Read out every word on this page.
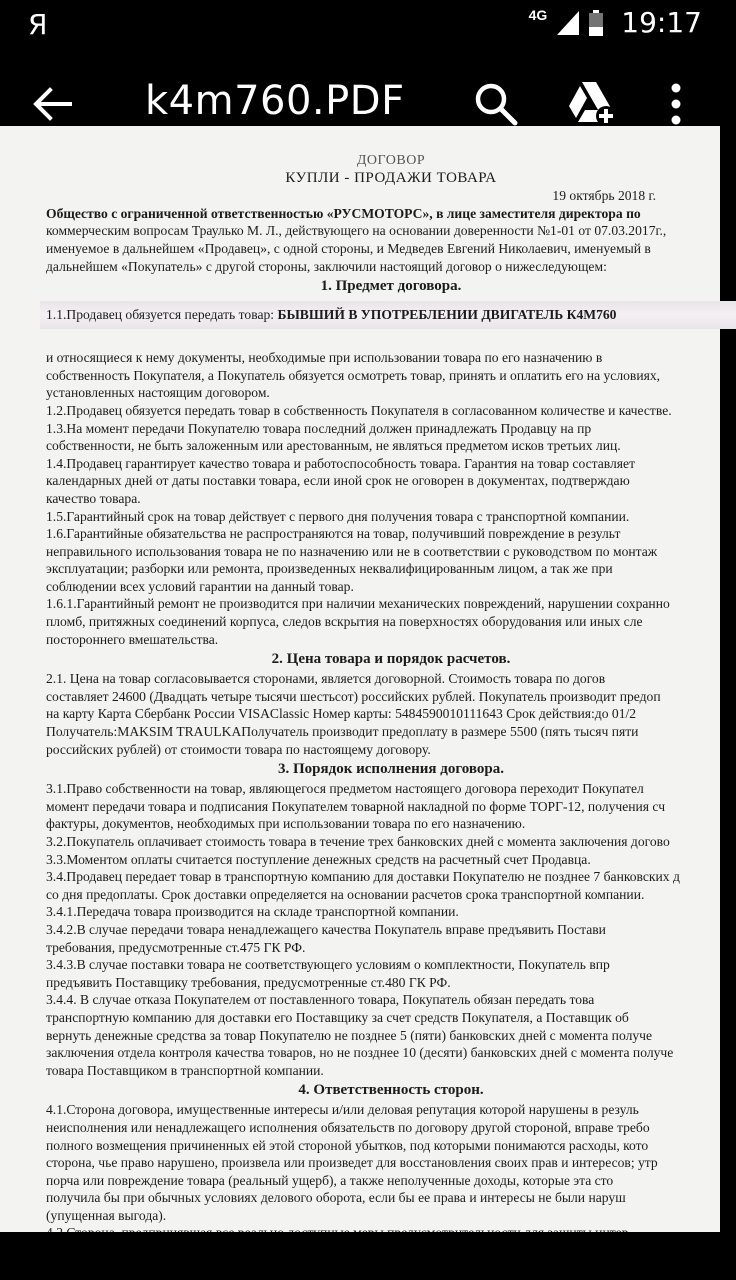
Я	4G	19:17
k4m760.PDF
ДОГОВОР
КУПЛИ - ПРОДАЖИ ТОВАРА
19 октябрь 2018 г.
Общество с ограниченной ответственностью «РУСМОТОРС», в лице заместителя директора по
коммерческим вопросам Траулько М. Л., действующего на основании доверенности №1-01 от 07.03.2017г.,
именуемое в дальнейшем «Продавец», с одной стороны, и Медведев Евгений Николаевич, именуемый в
дальнейшем «Покупатель» с другой стороны, заключили настоящий договор о нижеследующем:
1. Предмет договора.
1.1.Продавец обязуется передать товар: БЫВШИЙ В УПОТРЕБЛЕНИИ ДВИГАТЕЛЬ К4М760
и относящиеся к нему документы, необходимые при использовании товара по его назначению в
собственность Покупателя, а Покупатель обязуется осмотреть товар, принять и оплатить его на условиях,
установленных настоящим договором.
1.2.Продавец обязуется передать товар в собственность Покупателя в согласованном количестве и качестве.
1.3.На момент передачи Покупателю товара последний должен принадлежать Продавцу на пр
собственности, не быть заложенным или арестованным, не являться предметом исков третьих лиц.
1.4.Продавец гарантирует качество товара и работоспособность товара. Гарантия на товар составляет
календарных дней от даты поставки товара, если иной срок не оговорен в документах, подтверждаю
качество товара.
1.5.Гарантийный срок на товар действует с первого дня получения товара с транспортной компании.
1.6.Гарантийные обязательства не распространяются на товар, получивший повреждение в результ
неправильного использования товара не по назначению или не в соответствии с руководством по монтаж
эксплуатации; разборки или ремонта, произведенных неквалифицированным лицом, а так же при
соблюдении всех условий гарантии на данный товар.
1.6.1.Гарантийный ремонт не производится при наличии механических повреждений, нарушении сохранно
пломб, притяжных соединений корпуса, следов вскрытия на поверхностях оборудования или иных сле
постороннего вмешательства.
2. Цена товара и порядок расчетов.
2.1. Цена на товар согласовывается сторонами, является договорной. Стоимость товара по догов
составляет 24600 (Двадцать четыре тысячи шестьсот) российских рублей. Покупатель производит предоп
на карту Карта Сбербанк России VISAClassic Номер карты: 5484590010111643 Срок действия:до 01/2
Получатель:MAKSIM TRAULKAПолучатель производит предоплату в размере 5500 (пять тысяч пяти
российских рублей) от стоимости товара по настоящему договору.
3. Порядок исполнения договора.
3.1.Право собственности на товар, являющегося предметом настоящего договора переходит Покупател
момент передачи товара и подписания Покупателем товарной накладной по форме ТОРГ-12, получения сч
фактуры, документов, необходимых при использовании товара по его назначению.
3.2.Покупатель оплачивает стоимость товара в течение трех банковских дней с момента заключения догово
3.3.Моментом оплаты считается поступление денежных средств на расчетный счет Продавца.
3.4.Продавец передает товар в транспортную компанию для доставки Покупателю не позднее 7 банковских д
со дня предоплаты. Срок доставки определяется на основании расчетов срока транспортной компании.
3.4.1.Передача товара производится на складе транспортной компании.
3.4.2.В случае передачи товара ненадлежащего качества Покупатель вправе предъявить Постави
требования, предусмотренные ст.475 ГК РФ.
3.4.3.В случае поставки товара не соответствующего условиям о комплектности, Покупатель впр
предъявить Поставщику требования, предусмотренные ст.480 ГК РФ.
3.4.4. В случае отказа Покупателем от поставленного товара, Покупатель обязан передать това
транспортную компанию для доставки его Поставщику за счет средств Покупателя, а Поставщик об
вернуть денежные средства за товар Покупателю не позднее 5 (пяти) банковских дней с момента получе
заключения отдела контроля качества товаров, но не позднее 10 (десяти) банковских дней с момента получе
товара Поставщиком в транспортной компании.
4. Ответственность сторон.
4.1.Сторона договора, имущественные интересы и/или деловая репутация которой нарушены в резуль
неисполнения или ненадлежащего исполнения обязательств по договору другой стороной, вправе требо
полного возмещения причиненных ей этой стороной убытков, под которыми понимаются расходы, кото
сторона, чье право нарушено, произвела или произведет для восстановления своих прав и интересов; утр
порча или повреждение товара (реальный ущерб), а также неполученные доходы, которые эта сто
получила бы при обычных условиях делового оборота, если бы ее права и интересы не были наруш
(упущенная выгода).
